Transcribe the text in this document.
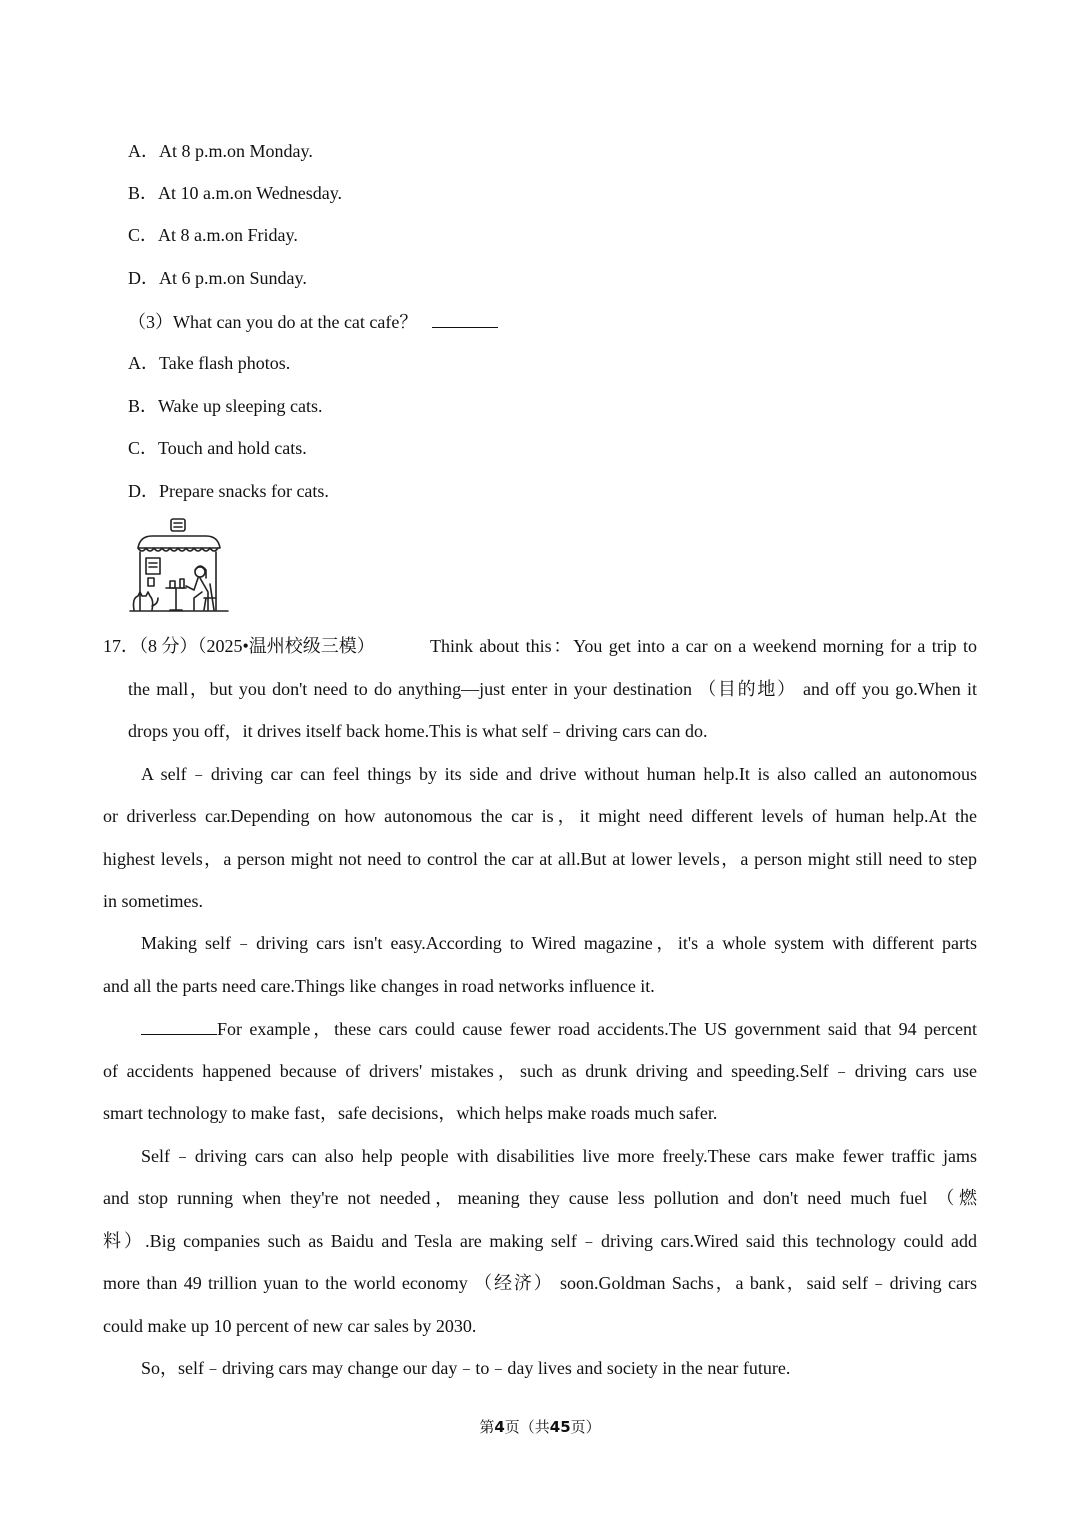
A．At 8 p.m.on Monday.
B．At 10 a.m.on Wednesday.
C．At 8 a.m.on Friday.
D．At 6 p.m.on Sunday.
（3）What can you do at the cat cafe？
A．Take flash photos.
B．Wake up sleeping cats.
C．Touch and hold cats.
D．Prepare snacks for cats.
17．（8 分）（2025•温州校级三模）	Think about this：You get into a car on a weekend morning for a trip to
the mall，but you don't need to do anything—just enter in your destination （目的地） and off you go.When it
drops you off，it drives itself back home.This is what self﹣driving cars can do.
A self﹣driving car can feel things by its side and drive without human help.It is also called an autonomous
or driverless car.Depending on how autonomous the car is，it might need different levels of human help.At the
highest levels，a person might not need to control the car at all.But at lower levels，a person might still need to step
in sometimes.
Making self﹣driving cars isn't easy.According to Wired magazine，it's a whole system with different parts
and all the parts need care.Things like changes in road networks influence it.
For example，these cars could cause fewer road accidents.The US government said that 94 percent
of accidents happened because of drivers' mistakes，such as drunk driving and speeding.Self﹣driving cars use
smart technology to make fast，safe decisions，which helps make roads much safer.
Self﹣driving cars can also help people with disabilities live more freely.These cars make fewer traffic jams
and stop running when they're not needed，meaning they cause less pollution and don't need much fuel （燃
料）.Big companies such as Baidu and Tesla are making self﹣driving cars.Wired said this technology could add
more than 49 trillion yuan to the world economy （经济） soon.Goldman Sachs，a bank，said self﹣driving cars
could make up 10 percent of new car sales by 2030.
So，self﹣driving cars may change our day﹣to﹣day lives and society in the near future.
第4页（共45页）
